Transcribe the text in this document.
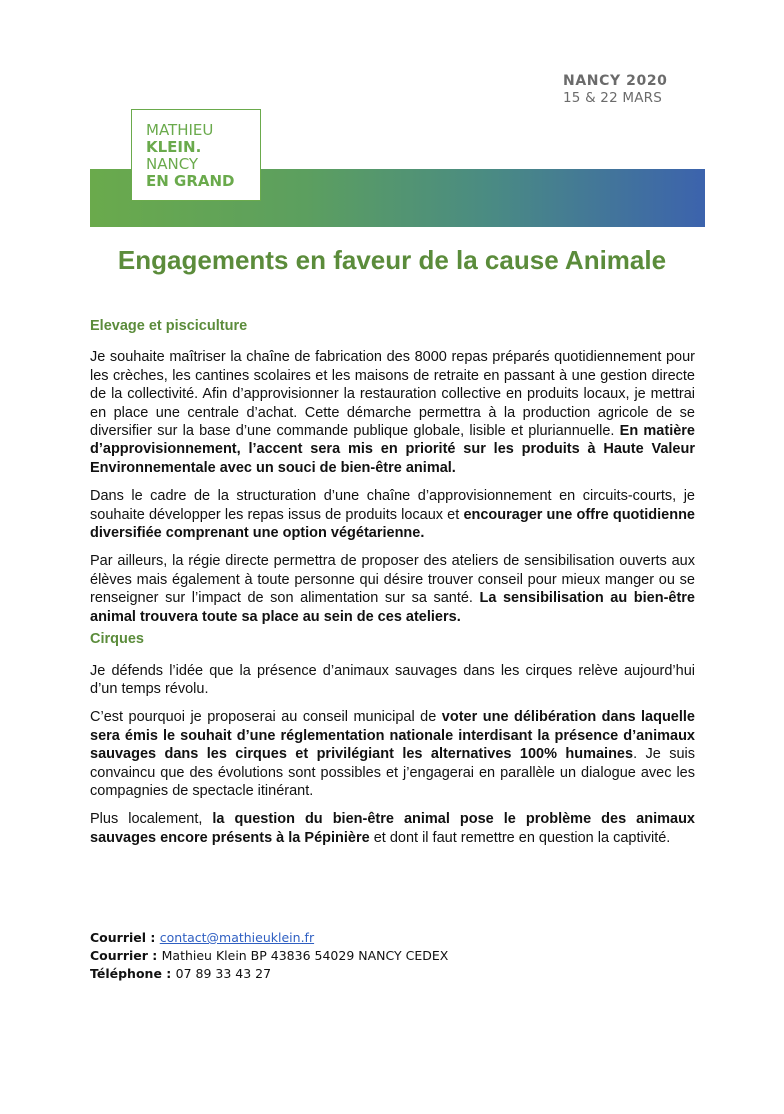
NANCY 2020
15 & 22 MARS
MATHIEU
KLEIN.
NANCY
EN GRAND
Engagements en faveur de la cause Animale
Elevage et pisciculture

Je souhaite maîtriser la chaîne de fabrication des 8000 repas préparés quotidiennement pour les crèches, les cantines scolaires et les maisons de retraite en passant à une gestion directe de la collectivité. Afin d’approvisionner la restauration collective en produits locaux, je mettrai en place une centrale d’achat. Cette démarche permettra à la production agricole de se diversifier sur la base d’une commande publique globale, lisible et pluriannuelle. En matière d’approvisionnement, l’accent sera mis en priorité sur les produits à Haute Valeur Environnementale avec un souci de bien-être animal.

Dans le cadre de la structuration d’une chaîne d’approvisionnement en circuits-courts, je souhaite développer les repas issus de produits locaux et encourager une offre quotidienne diversifiée comprenant une option végétarienne.

Par ailleurs, la régie directe permettra de proposer des ateliers de sensibilisation ouverts aux élèves mais également à toute personne qui désire trouver conseil pour mieux manger ou se renseigner sur l’impact de son alimentation sur sa santé. La sensibilisation au bien-être animal trouvera toute sa place au sein de ces ateliers.

Cirques

Je défends l’idée que la présence d’animaux sauvages dans les cirques relève aujourd’hui d’un temps révolu.

C’est pourquoi je proposerai au conseil municipal de voter une délibération dans laquelle sera émis le souhait d’une réglementation nationale interdisant la présence d’animaux sauvages dans les cirques et privilégiant les alternatives 100% humaines. Je suis convaincu que des évolutions sont possibles et j’engagerai en parallèle un dialogue avec les compagnies de spectacle itinérant.

Plus localement, la question du bien-être animal pose le problème des animaux sauvages encore présents à la Pépinière et dont il faut remettre en question la captivité.

Courriel : contact@mathieuklein.fr
Courrier : Mathieu Klein BP 43836 54029 NANCY CEDEX
Téléphone : 07 89 33 43 27
